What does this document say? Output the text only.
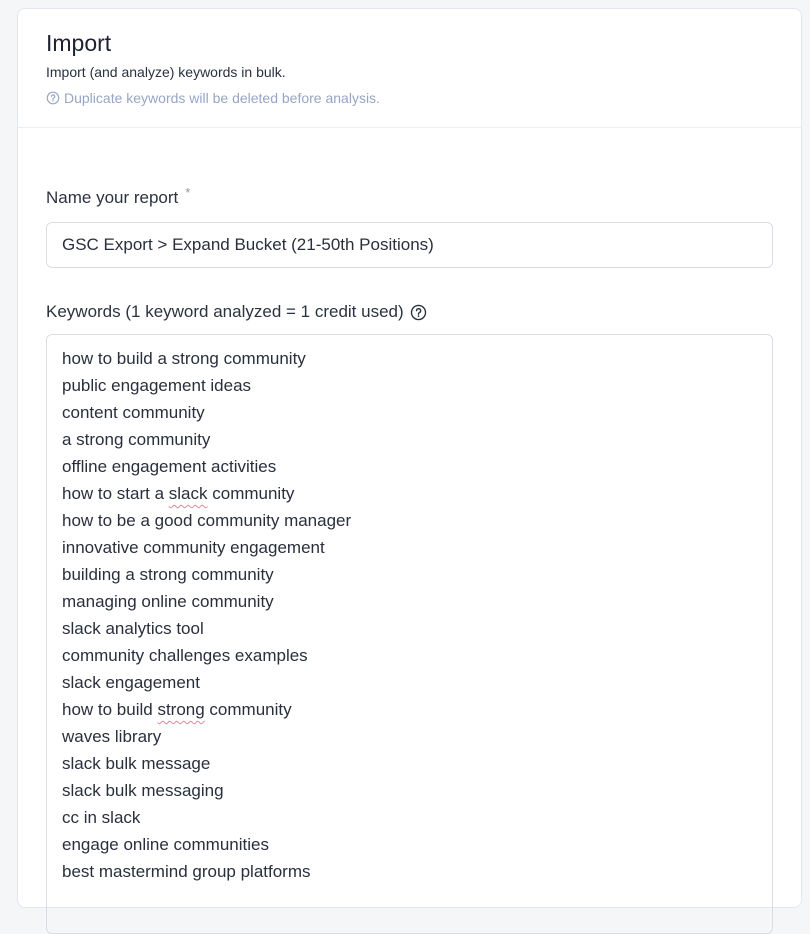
Import
Import (and analyze) keywords in bulk.
Duplicate keywords will be deleted before analysis.
Name your report *
GSC Export > Expand Bucket (21-50th Positions)
Keywords (1 keyword analyzed = 1 credit used)
how to build a strong community
public engagement ideas
content community
a strong community
offline engagement activities
how to start a slack community
how to be a good community manager
innovative community engagement
building a strong community
managing online community
slack analytics tool
community challenges examples
slack engagement
how to build strong community
waves library
slack bulk message
slack bulk messaging
cc in slack
engage online communities
best mastermind group platforms
